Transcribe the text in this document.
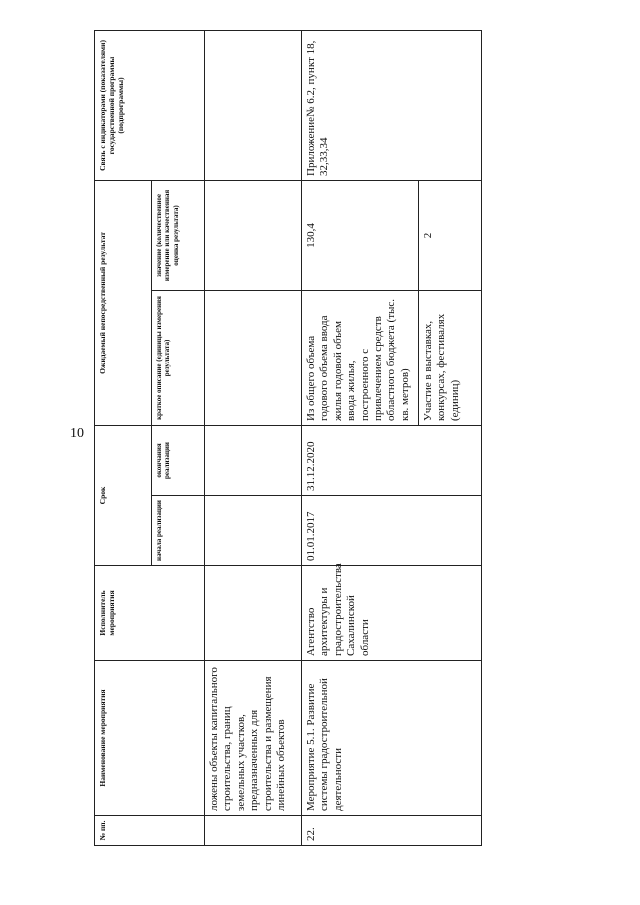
10
№ пп.	Наименование мероприятия	Исполнитель мероприятия	Срок		Ожидаемый непосредственный результат		Связь с индикаторами (показателями) государственной программы (подпрограммы)
			начала реализации	окончания реализации	краткое описание (единицы измерения результата)	значение (количественное измерение или качественная оценка результата)	
	ложены объекты капитального строительства, границ земельных участков, предназначенных для строительства и размещения линейных объектов						
22.	Мероприятие 5.1. Развитие системы градостроительной деятельности	Агентство архитектуры и градостроительства Сахалинской области	01.01.2017	31.12.2020	Из общего объема годового объема ввода жилья годовой объем ввода жилья, построенного с привлечением средств областного бюджета (тыс. кв. метров)	130,4	Приложение№ 6.2, пункт 18, 32,33,34
					Участие в выставках, конкурсах, фестивалях (единиц)	2	
